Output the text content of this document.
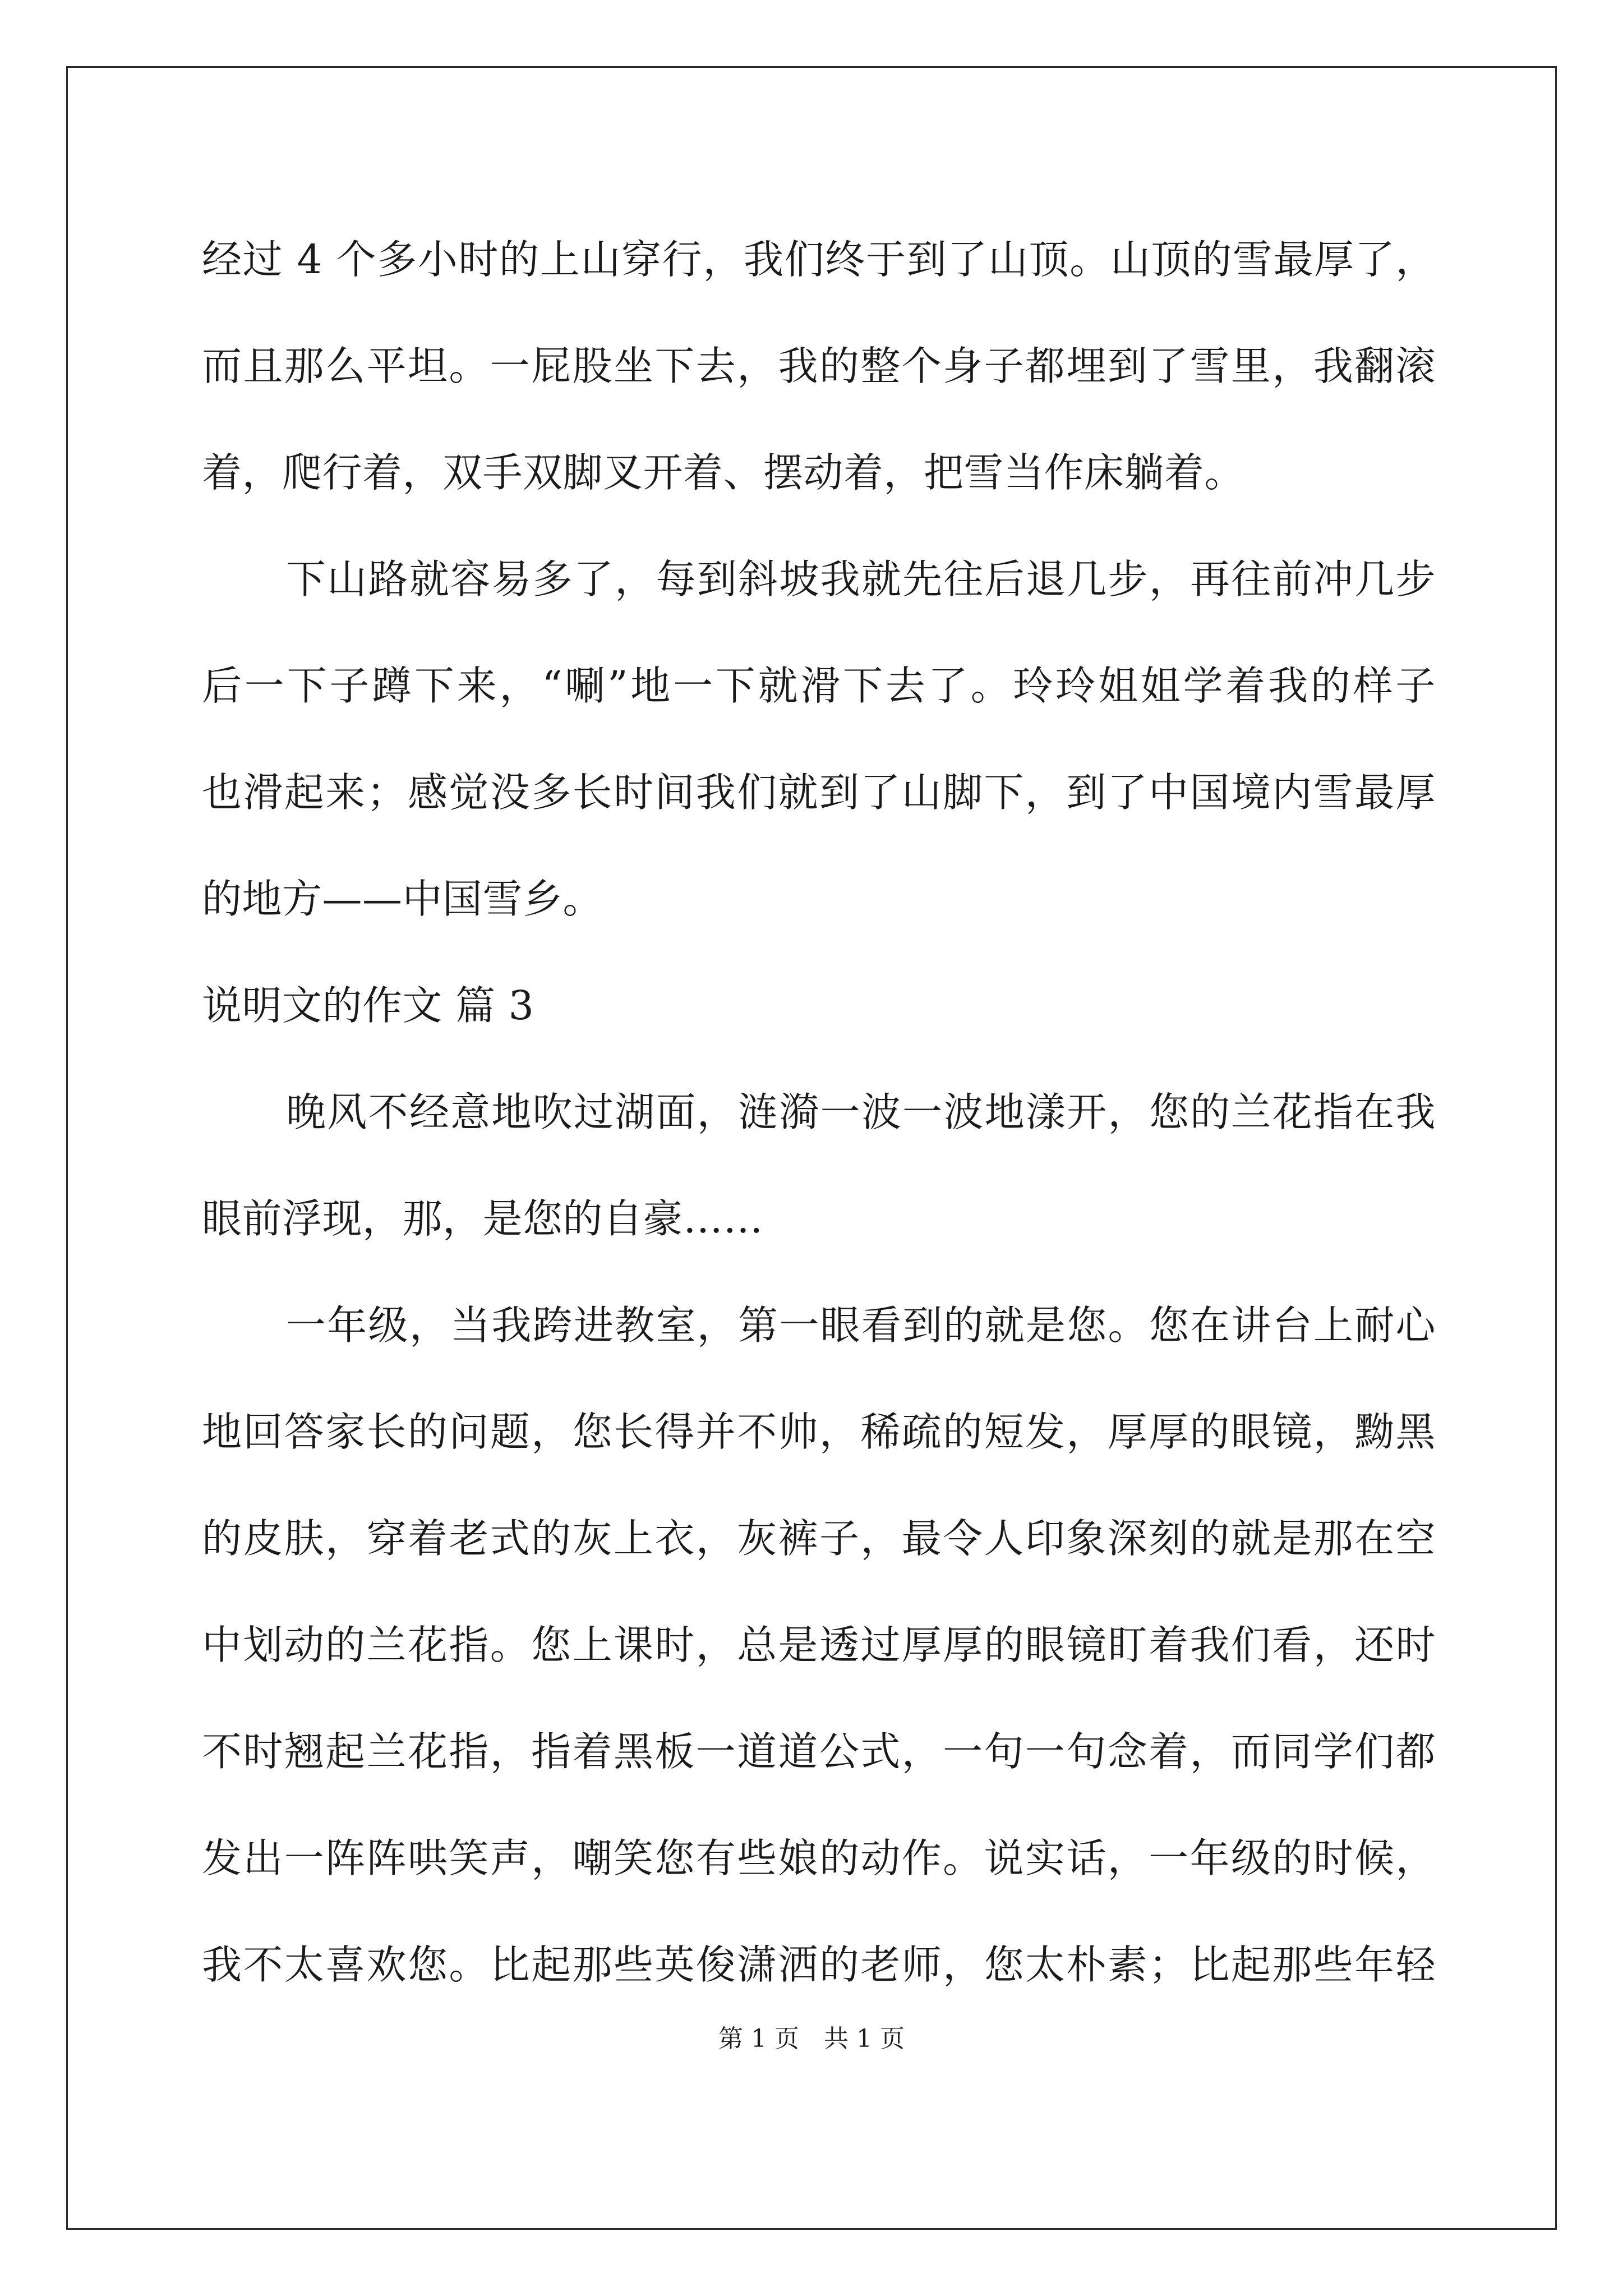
经过 4 个多小时的上山穿行，我们终于到了山顶。山顶的雪最厚了，
而且那么平坦。一屁股坐下去，我的整个身子都埋到了雪里，我翻滚
着，爬行着，双手双脚叉开着、摆动着，把雪当作床躺着。
下山路就容易多了，每到斜坡我就先往后退几步，再往前冲几步
后一下子蹲下来，“唰”地一下就滑下去了。玲玲姐姐学着我的样子
也滑起来；感觉没多长时间我们就到了山脚下，到了中国境内雪最厚
的地方——中国雪乡。
说明文的作文 篇 3
晚风不经意地吹过湖面，涟漪一波一波地漾开，您的兰花指在我
眼前浮现，那，是您的自豪……
一年级，当我跨进教室，第一眼看到的就是您。您在讲台上耐心
地回答家长的问题，您长得并不帅，稀疏的短发，厚厚的眼镜，黝黑
的皮肤，穿着老式的灰上衣，灰裤子，最令人印象深刻的就是那在空
中划动的兰花指。您上课时，总是透过厚厚的眼镜盯着我们看，还时
不时翘起兰花指，指着黑板一道道公式，一句一句念着，而同学们都
发出一阵阵哄笑声，嘲笑您有些娘的动作。说实话，一年级的时候，
我不太喜欢您。比起那些英俊潇洒的老师，您太朴素；比起那些年轻
第 1 页 共 1 页
